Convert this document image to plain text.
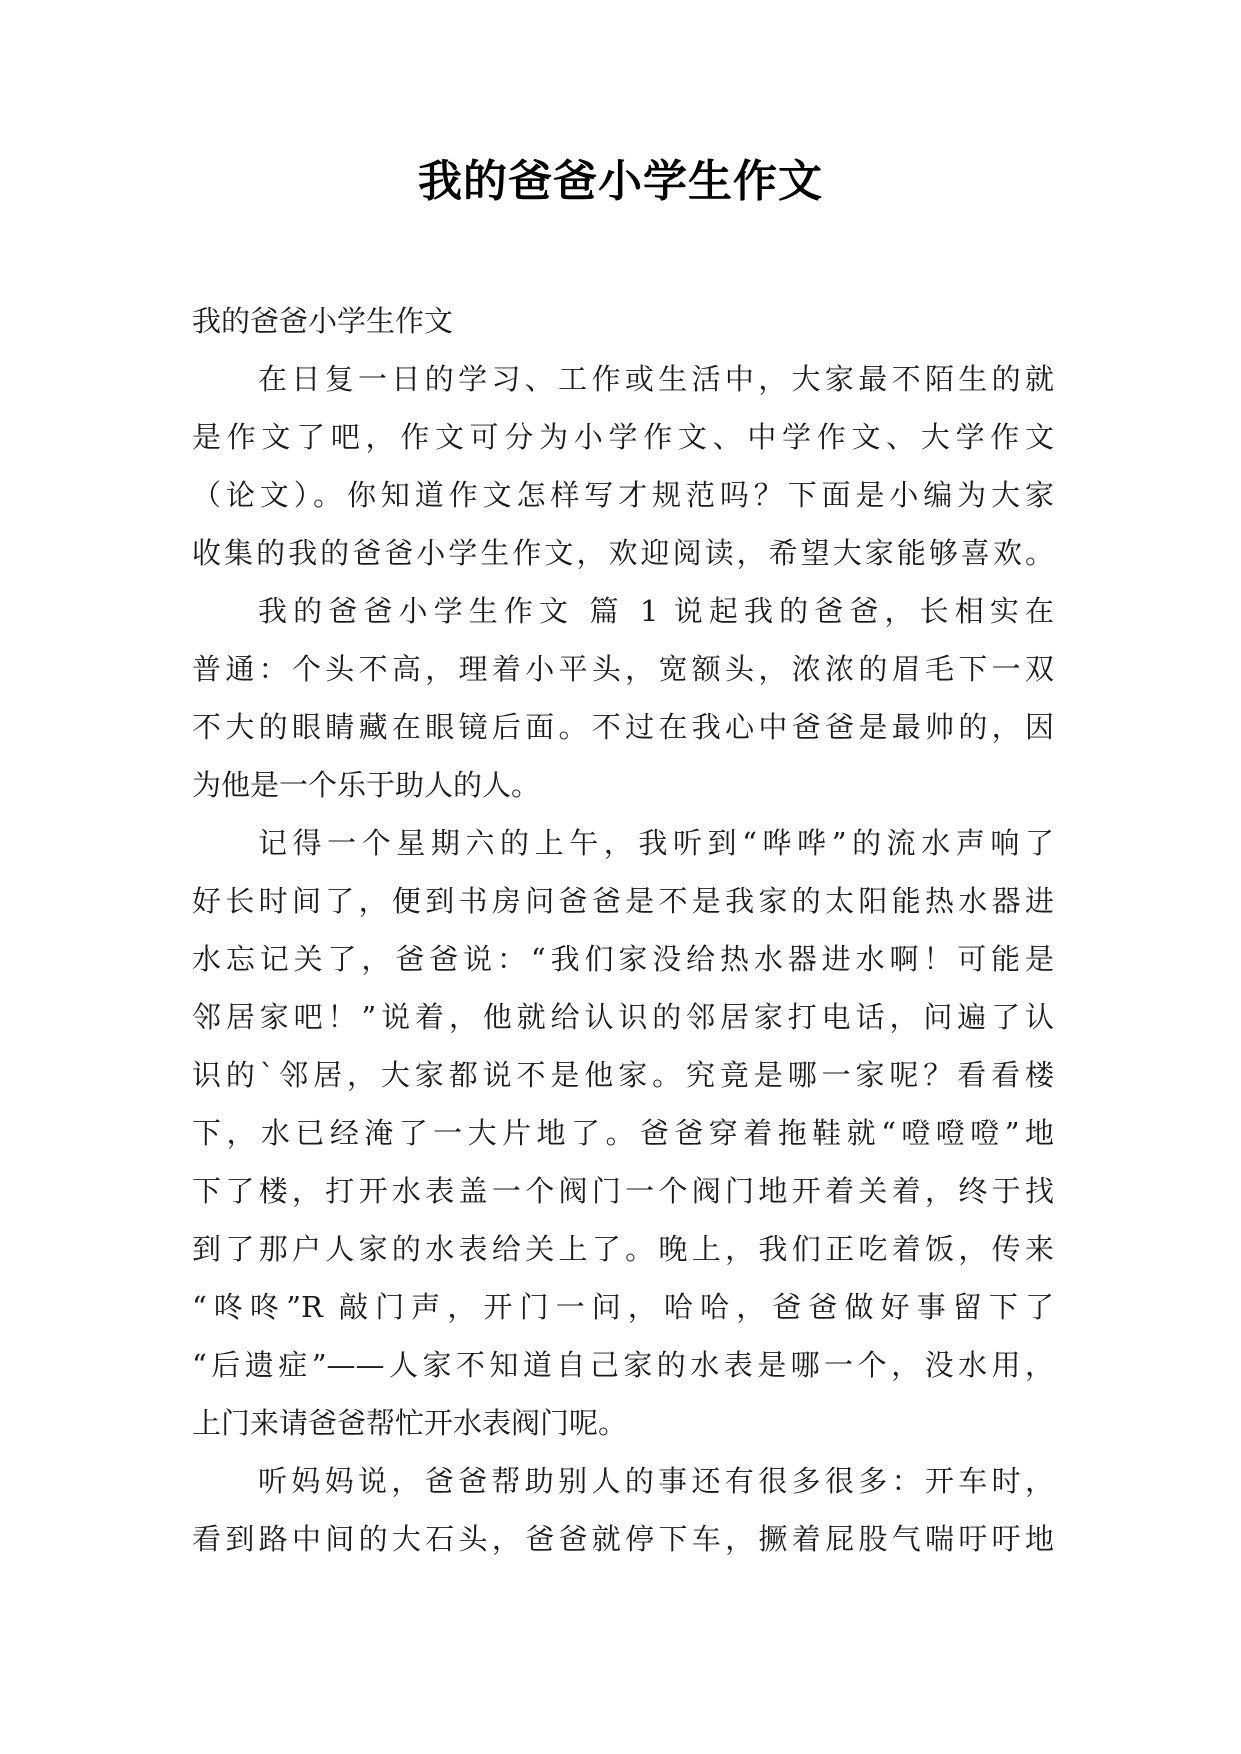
我的爸爸小学生作文
我的爸爸小学生作文
在日复一日的学习、工作或生活中，大家最不陌生的就
是作文了吧，作文可分为小学作文、中学作文、大学作文
（论文）。你知道作文怎样写才规范吗？下面是小编为大家
收集的我的爸爸小学生作文，欢迎阅读，希望大家能够喜欢。
我的爸爸小学生作文 篇 1 说起我的爸爸，长相实在
普通：个头不高，理着小平头，宽额头，浓浓的眉毛下一双
不大的眼睛藏在眼镜后面。不过在我心中爸爸是最帅的，因
为他是一个乐于助人的人。
记得一个星期六的上午，我听到“哗哗”的流水声响了
好长时间了，便到书房问爸爸是不是我家的太阳能热水器进
水忘记关了，爸爸说：“我们家没给热水器进水啊！可能是
邻居家吧！”说着，他就给认识的邻居家打电话，问遍了认
识的`邻居，大家都说不是他家。究竟是哪一家呢？看看楼
下，水已经淹了一大片地了。爸爸穿着拖鞋就“噔噔噔”地
下了楼，打开水表盖一个阀门一个阀门地开着关着，终于找
到了那户人家的水表给关上了。晚上，我们正吃着饭，传来
“咚咚”R 敲门声，开门一问，哈哈，爸爸做好事留下了
“后遗症”——人家不知道自己家的水表是哪一个，没水用，
上门来请爸爸帮忙开水表阀门呢。
听妈妈说，爸爸帮助别人的事还有很多很多：开车时，
看到路中间的大石头，爸爸就停下车，撅着屁股气喘吁吁地
